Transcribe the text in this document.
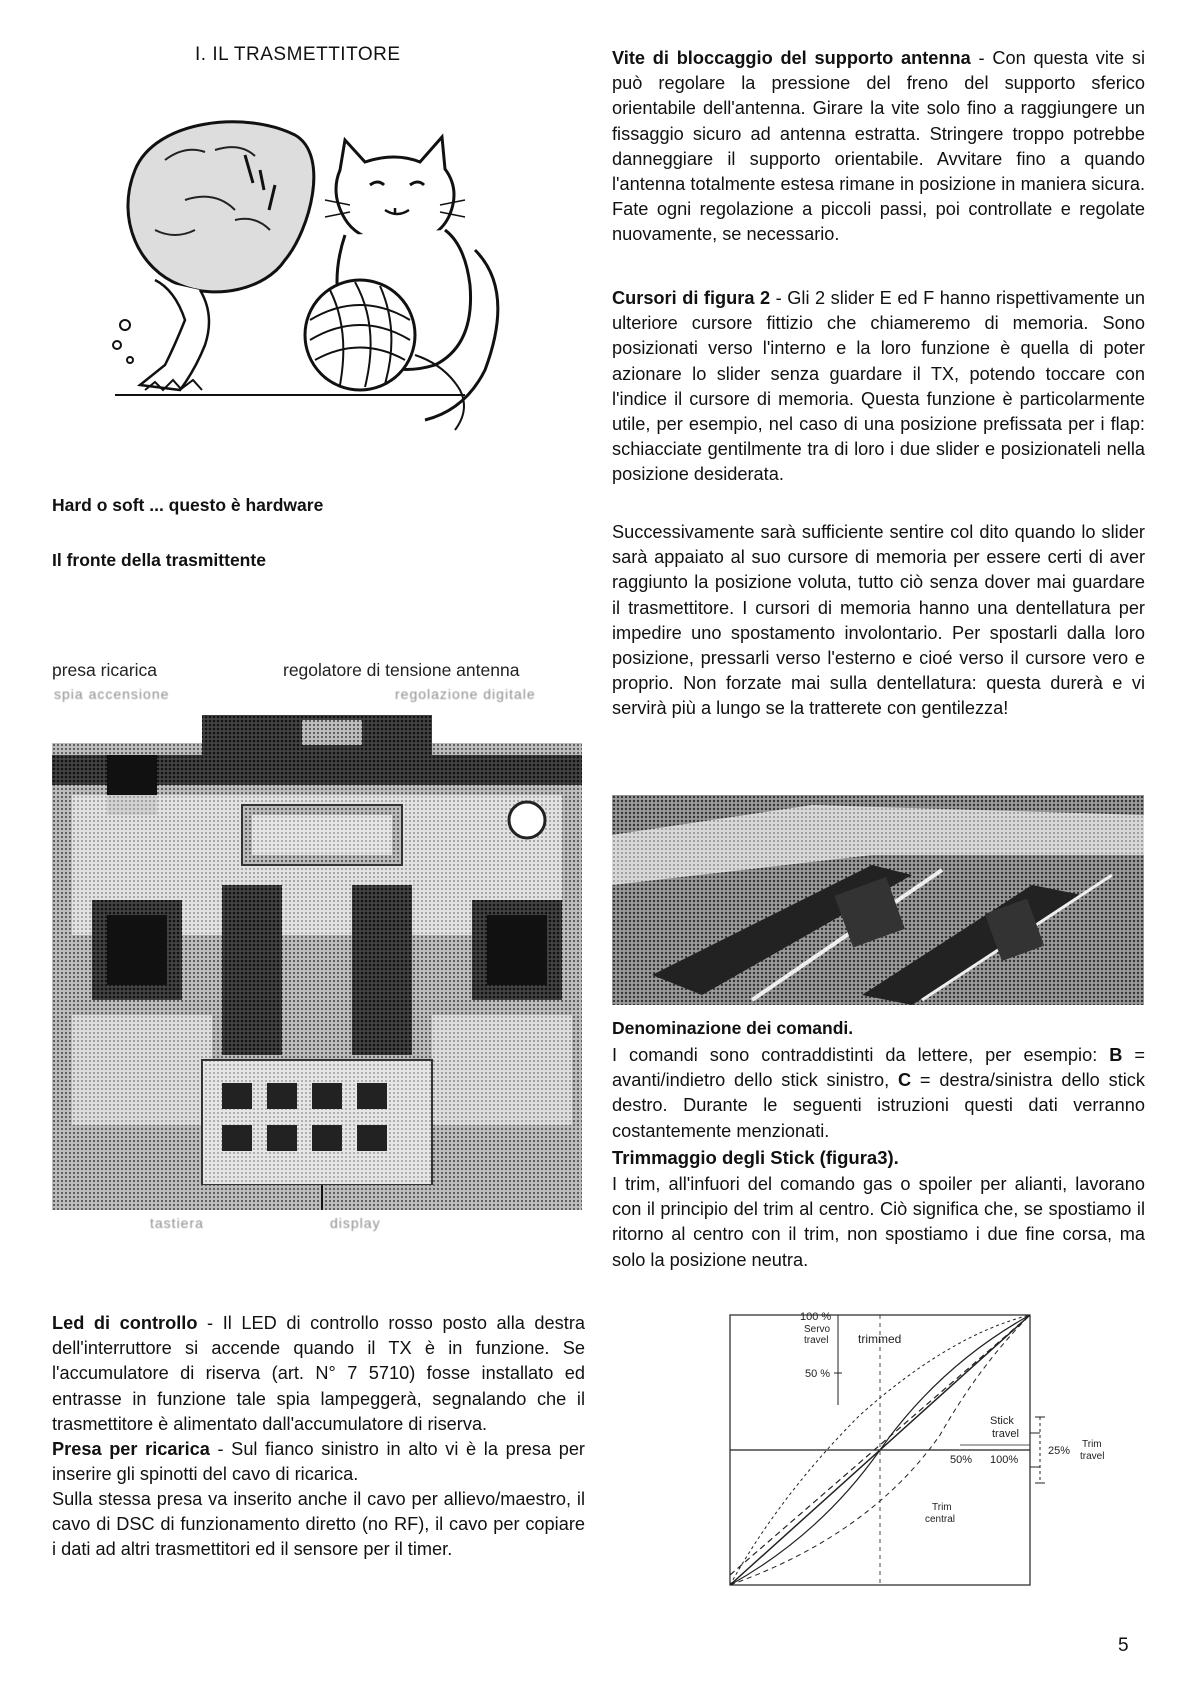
I. IL TRASMETTITORE
Hard o soft ... questo è hardware
Il fronte della trasmittente
presa ricarica	regolatore di tensione antenna
spia accensione	regolazione digitale
tastiera	display
Led di controllo - Il LED di controllo rosso posto alla destra dell'interruttore si accende quando il TX è in funzione. Se l'accumulatore di riserva (art. N° 7 5710) fosse installato ed entrasse in funzione tale spia lampeggerà, segnalando che il trasmettitore è alimentato dall'accumulatore di riserva.
Presa per ricarica - Sul fianco sinistro in alto vi è la presa per inserire gli spinotti del cavo di ricarica.
Sulla stessa presa va inserito anche il cavo per allievo/maestro, il cavo di DSC di funzionamento diretto (no RF), il cavo per copiare i dati ad altri trasmettitori ed il sensore per il timer.
Vite di bloccaggio del supporto antenna - Con questa vite si può regolare la pressione del freno del supporto sferico orientabile dell'antenna. Girare la vite solo fino a raggiungere un fissaggio sicuro ad antenna estratta. Stringere troppo potrebbe danneggiare il supporto orientabile. Avvitare fino a quando l'antenna totalmente estesa rimane in posizione in maniera sicura. Fate ogni regolazione a piccoli passi, poi controllate e regolate nuovamente, se necessario.
Cursori di figura 2 - Gli 2 slider E ed F hanno rispettivamente un ulteriore cursore fittizio che chiameremo di memoria. Sono posizionati verso l'interno e la loro funzione è quella di poter azionare lo slider senza guardare il TX, potendo toccare con l'indice il cursore di memoria. Questa funzione è particolarmente utile, per esempio, nel caso di una posizione prefissata per i flap: schiacciate gentilmente tra di loro i due slider e posizionateli nella posizione desiderata.
Successivamente sarà sufficiente sentire col dito quando lo slider sarà appaiato al suo cursore di memoria per essere certi di aver raggiunto la posizione voluta, tutto ciò senza dover mai guardare il trasmettitore. I cursori di memoria hanno una dentellatura per impedire uno spostamento involontario. Per spostarli dalla loro posizione, pressarli verso l'esterno e cioé verso il cursore vero e proprio. Non forzate mai sulla dentellatura: questa durerà e vi servirà più a lungo se la tratterete con gentilezza!
Denominazione dei comandi.
I comandi sono contraddistinti da lettere, per esempio: B = avanti/indietro dello stick sinistro, C = destra/sinistra dello stick destro. Durante le seguenti istruzioni questi dati verranno costantemente menzionati.
Trimmaggio degli Stick (figura3).
I trim, all'infuori del comando gas o spoiler per alianti, lavorano con il principio del trim al centro. Ciò significa che, se spostiamo il ritorno al centro con il trim, non spostiamo i due fine corsa, ma solo la posizione neutra.
100 %
Servo
travel trimmed
50 %
Stick
travel
50% 100%
25%
Trim
travel
Trim
central
5
